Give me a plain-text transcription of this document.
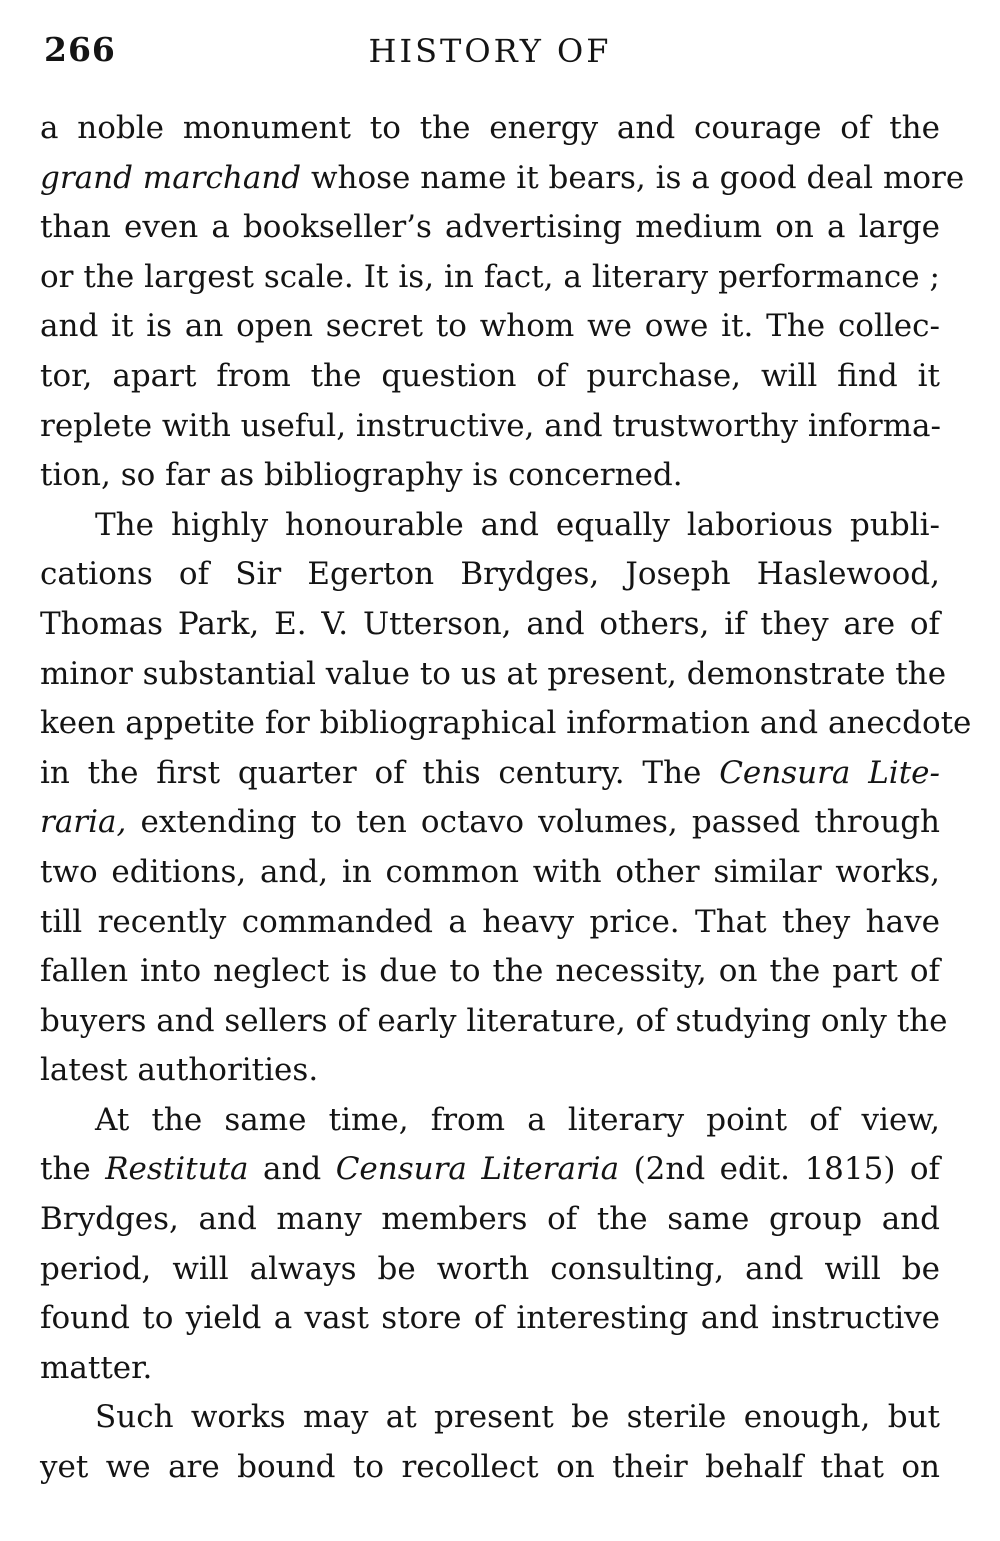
266	HISTORY OF
a noble monument to the energy and courage of the
grand marchand whose name it bears, is a good deal more
than even a bookseller’s advertising medium on a large
or the largest scale. It is, in fact, a literary performance ;
and it is an open secret to whom we owe it. The collec-
tor, apart from the question of purchase, will find it
replete with useful, instructive, and trustworthy informa-
tion, so far as bibliography is concerned.
The highly honourable and equally laborious publi-
cations of Sir Egerton Brydges, Joseph Haslewood,
Thomas Park, E. V. Utterson, and others, if they are of
minor substantial value to us at present, demonstrate the
keen appetite for bibliographical information and anecdote
in the first quarter of this century. The Censura Lite-
raria, extending to ten octavo volumes, passed through
two editions, and, in common with other similar works,
till recently commanded a heavy price. That they have
fallen into neglect is due to the necessity, on the part of
buyers and sellers of early literature, of studying only the
latest authorities.
At the same time, from a literary point of view,
the Restituta and Censura Literaria (2nd edit. 1815) of
Brydges, and many members of the same group and
period, will always be worth consulting, and will be
found to yield a vast store of interesting and instructive
matter.
Such works may at present be sterile enough, but
yet we are bound to recollect on their behalf that on
